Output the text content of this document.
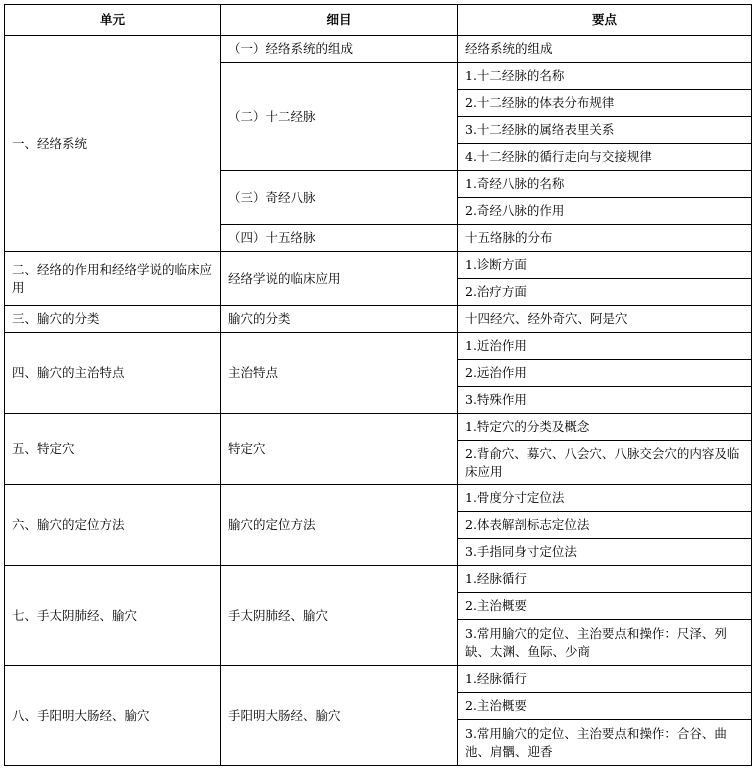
单元	细目	要点
一、经络系统	（一）经络系统的组成	经络系统的组成
	（二）十二经脉	1.十二经脉的名称
		2.十二经脉的体表分布规律
		3.十二经脉的属络表里关系
		4.十二经脉的循行走向与交接规律
	（三）奇经八脉	1.奇经八脉的名称
		2.奇经八脉的作用
	（四）十五络脉	十五络脉的分布
二、经络的作用和经络学说的临床应用	经络学说的临床应用	1.诊断方面
		2.治疗方面
三、腧穴的分类	腧穴的分类	十四经穴、经外奇穴、阿是穴
四、腧穴的主治特点	主治特点	1.近治作用
		2.远治作用
		3.特殊作用
五、特定穴	特定穴	1.特定穴的分类及概念
		2.背俞穴、募穴、八会穴、八脉交会穴的内容及临床应用
六、腧穴的定位方法	腧穴的定位方法	1.骨度分寸定位法
		2.体表解剖标志定位法
		3.手指同身寸定位法
七、手太阴肺经、腧穴	手太阴肺经、腧穴	1.经脉循行
		2.主治概要
		3.常用腧穴的定位、主治要点和操作：尺泽、列缺、太渊、鱼际、少商
八、手阳明大肠经、腧穴	手阳明大肠经、腧穴	1.经脉循行
		2.主治概要
		3.常用腧穴的定位、主治要点和操作：合谷、曲池、肩髃、迎香
